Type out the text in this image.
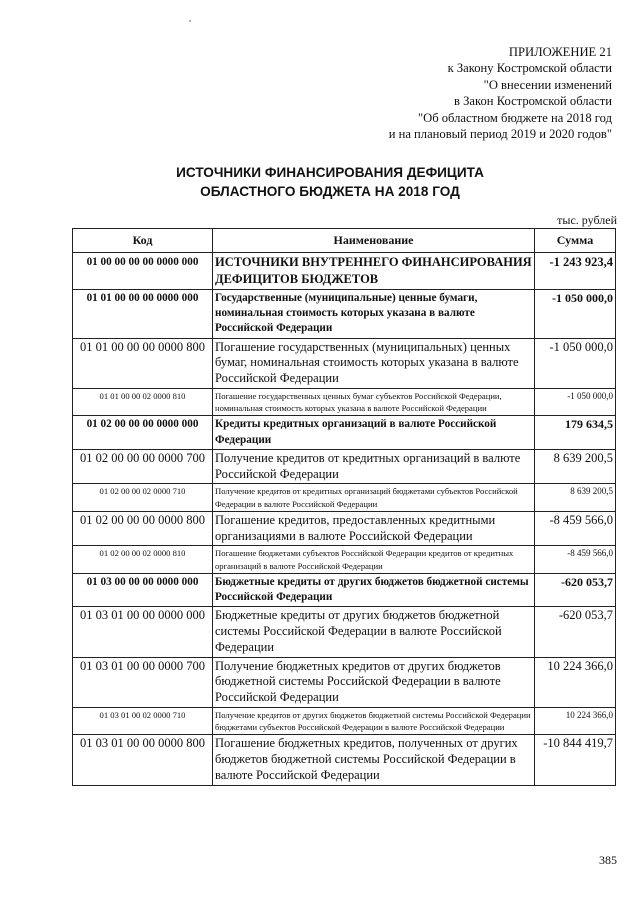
ПРИЛОЖЕНИЕ 21
к Закону Костромской области
"О внесении изменений
в Закон Костромской области
"Об областном бюджете на 2018 год
и на плановый период 2019 и 2020 годов"
ИСТОЧНИКИ ФИНАНСИРОВАНИЯ ДЕФИЦИТА
ОБЛАСТНОГО БЮДЖЕТА НА 2018 ГОД
тыс. рублей
Код	Наименование	Сумма
01 00 00 00 00 0000 000	ИСТОЧНИКИ ВНУТРЕННЕГО ФИНАНСИРОВАНИЯ ДЕФИЦИТОВ БЮДЖЕТОВ	-1 243 923,4
01 01 00 00 00 0000 000	Государственные (муниципальные) ценные бумаги, номинальная стоимость которых указана в валюте Российской Федерации	-1 050 000,0
01 01 00 00 00 0000 800	Погашение государственных (муниципальных) ценных бумаг, номинальная стоимость которых указана в валюте Российской Федерации	-1 050 000,0
01 01 00 00 02 0000 810	Погашение государственных ценных бумаг субъектов Российской Федерации, номинальная стоимость которых указана в валюте Российской Федерации	-1 050 000,0
01 02 00 00 00 0000 000	Кредиты кредитных организаций в валюте Российской Федерации	179 634,5
01 02 00 00 00 0000 700	Получение кредитов от кредитных организаций в валюте Российской Федерации	8 639 200,5
01 02 00 00 02 0000 710	Получение кредитов от кредитных организаций бюджетами субъектов Российской Федерации в валюте Российской Федерации	8 639 200,5
01 02 00 00 00 0000 800	Погашение кредитов, предоставленных кредитными организациями в валюте Российской Федерации	-8 459 566,0
01 02 00 00 02 0000 810	Погашение бюджетами субъектов Российской Федерации кредитов от кредитных организаций в валюте Российской Федерации	-8 459 566,0
01 03 00 00 00 0000 000	Бюджетные кредиты от других бюджетов бюджетной системы Российской Федерации	-620 053,7
01 03 01 00 00 0000 000	Бюджетные кредиты от других бюджетов бюджетной системы Российской Федерации в валюте Российской Федерации	-620 053,7
01 03 01 00 00 0000 700	Получение бюджетных кредитов от других бюджетов бюджетной системы Российской Федерации в валюте Российской Федерации	10 224 366,0
01 03 01 00 02 0000 710	Получение кредитов от других бюджетов бюджетной системы Российской Федерации бюджетами субъектов Российской Федерации в валюте Российской Федерации	10 224 366,0
01 03 01 00 00 0000 800	Погашение бюджетных кредитов, полученных от других бюджетов бюджетной системы Российской Федерации в валюте Российской Федерации	-10 844 419,7
385
